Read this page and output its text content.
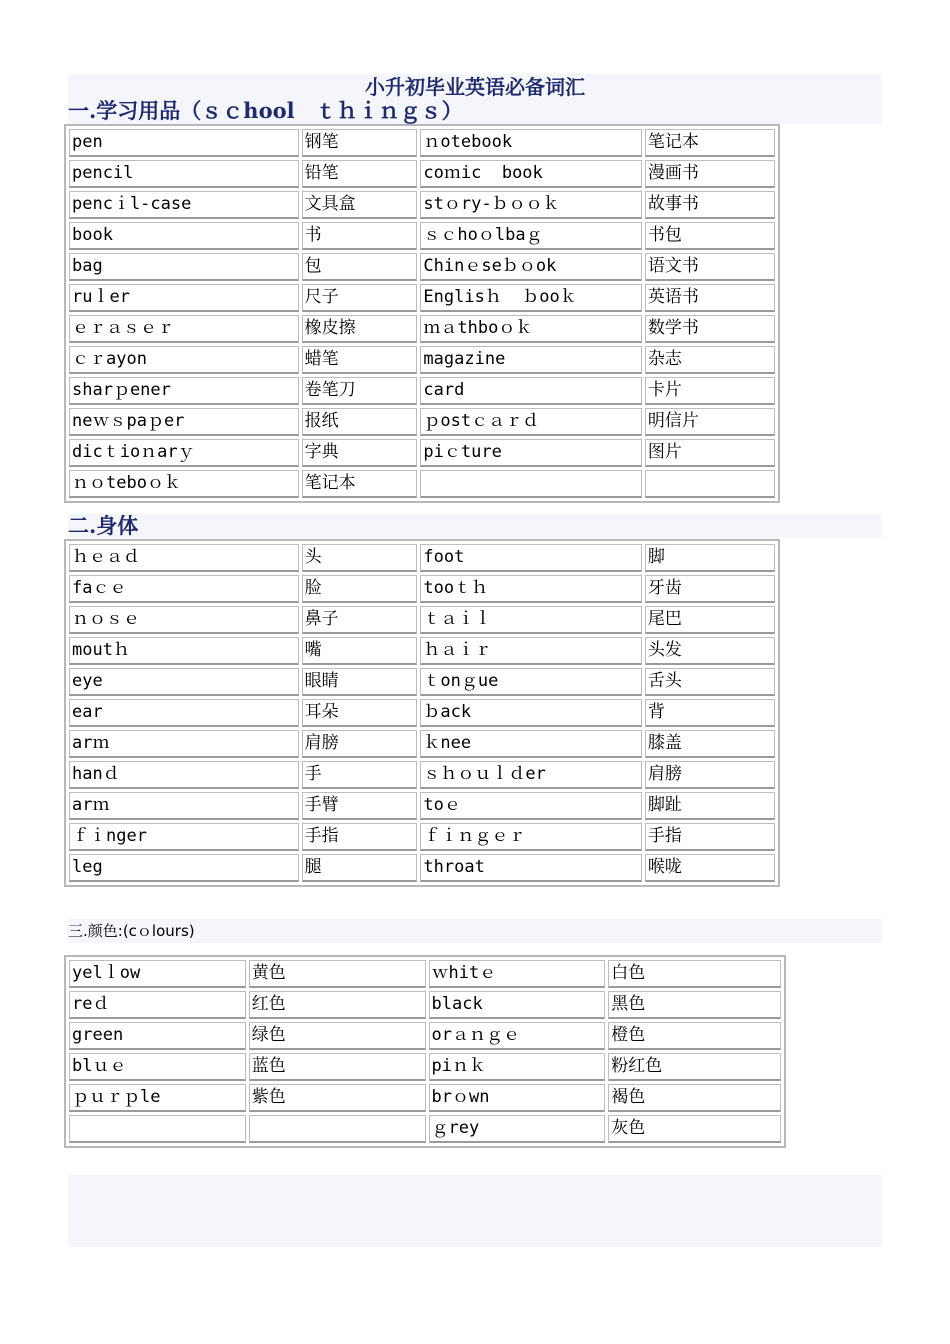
小升初毕业英语必备词汇
一.学习用品（ｓｃhool　ｔｈｉｎｇｓ）
pen	钢笔	ｎotebook	笔记本
pencil	铅笔	coｍic  book	漫画书
pencｉl-case	文具盒	stｏry-ｂｏｏｋ	故事书
book	书	ｓｃhoｏlbaｇ	书包
bag	包	Chinｅseｂｏok	语文书
ruｌer	尺子	Englisｈ  ｂooｋ	英语书
ｅｒａｓｅｒ	橡皮擦	ｍａthboｏｋ	数学书
ｃｒayon	蜡笔	magazine	杂志
sharｐener	卷笔刀	card	卡片
neｗｓpaｐer	报纸	ｐostｃａｒｄ	明信片
dicｔioｎarｙ	字典	piｃture	图片
ｎｏteboｏｋ	笔记本		
二.身体
ｈｅａｄ	头	foot	脚
faｃｅ	脸	tooｔｈ	牙齿
ｎｏｓｅ	鼻子	ｔａｉｌ	尾巴
moutｈ	嘴	ｈａｉｒ	头发
eye	眼睛	ｔonｇue	舌头
ear	耳朵	ｂack	背
arｍ	肩膀	ｋnee	膝盖
hanｄ	手	ｓｈｏｕｌｄer	肩膀
arｍ	手臂	toｅ	脚趾
ｆｉnger	手指	ｆｉｎｇｅｒ	手指
leg	腿	throat	喉咙
三.颜色:(cｏlours)
yelｌow	黄色	ｗhitｅ	白色
reｄ	红色	black	黑色
green	绿色	orａｎｇｅ	橙色
blｕｅ	蓝色	piｎｋ	粉红色
ｐｕｒｐle	紫色	brｏwn	褐色
		ｇrey	灰色
